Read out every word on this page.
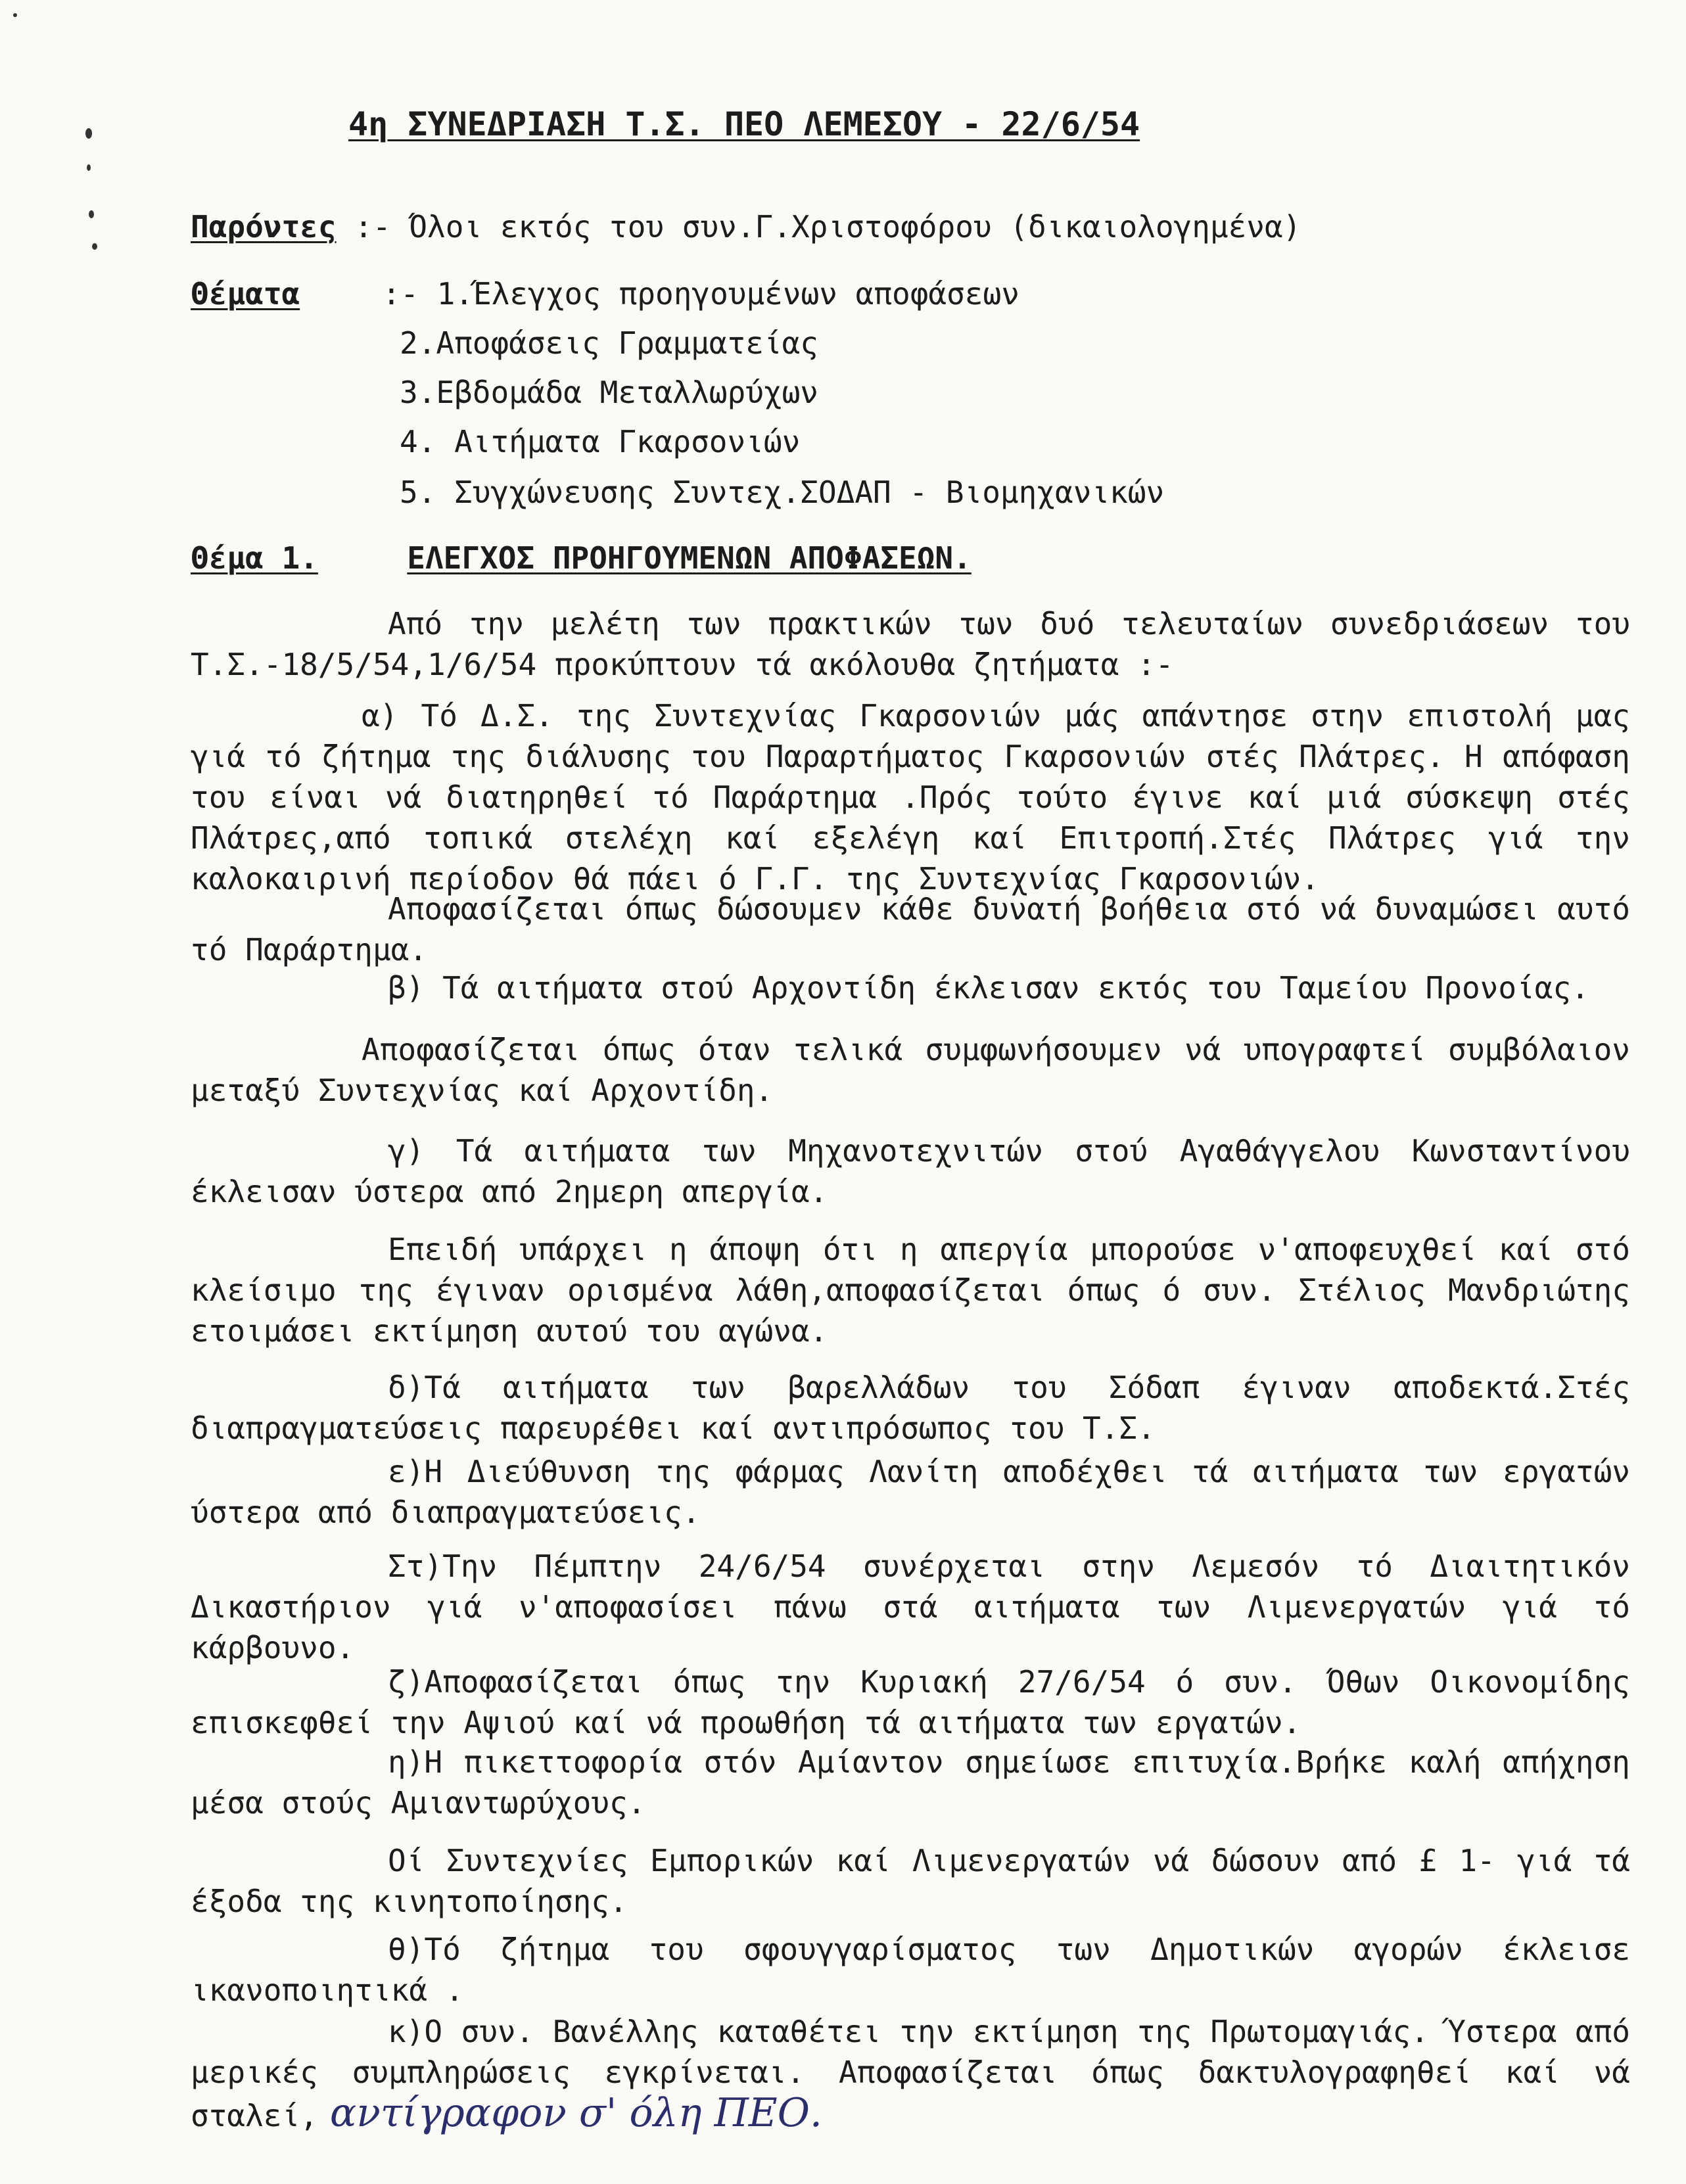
4η ΣΥΝΕΔΡΙΑΣΗ Τ.Σ. ΠΕΟ ΛΕΜΕΣΟΥ - 22/6/54
Παρόντες :- Όλοι εκτός του συν.Γ.Χριστοφόρου (δικαιολογημένα)
Θέματα	:- 1.Έλεγχος προηγουμένων αποφάσεων
2.Αποφάσεις Γραμματείας
3.Εβδομάδα Μεταλλωρύχων
4. Αιτήματα Γκαρσονιών
5. Συγχώνευσης Συντεχ.ΣΟΔΑΠ - Βιομηχανικών
Θέμα 1.	ΕΛΕΓΧΟΣ ΠΡΟΗΓΟΥΜΕΝΩΝ ΑΠΟΦΑΣΕΩΝ.
Από την μελέτη των πρακτικών των δυό τελευταίων συνεδριάσεων του Τ.Σ.-18/5/54,1/6/54 προκύπτουν τά ακόλουθα ζητήματα :-
α) Τό Δ.Σ. της Συντεχνίας Γκαρσονιών μάς απάντησε στην επιστολή μας γιά τό ζήτημα της διάλυσης του Παραρτήματος Γκαρσονιών στές Πλάτρες. Η απόφαση του είναι νά διατηρηθεί τό Παράρτημα .Πρός τούτο έγινε καί μιά σύσκεψη στές Πλάτρες,από τοπικά στελέχη καί εξελέγη καί Επιτροπή.Στές Πλάτρες γιά την καλοκαιρινή περίοδον θά πάει ό Γ.Γ. της Συντεχνίας Γκαρσονιών.
Αποφασίζεται όπως δώσουμεν κάθε δυνατή βοήθεια στό νά δυναμώσει αυτό τό Παράρτημα.
β) Τά αιτήματα στού Αρχοντίδη έκλεισαν εκτός του Ταμείου Προνοίας.
Αποφασίζεται όπως όταν τελικά συμφωνήσουμεν νά υπογραφτεί συμβόλαιον μεταξύ Συντεχνίας καί Αρχοντίδη.
γ) Τά αιτήματα των Μηχανοτεχνιτών στού Αγαθάγγελου Κωνσταντίνου έκλεισαν ύστερα από 2ημερη απεργία.
Επειδή υπάρχει η άποψη ότι η απεργία μπορούσε ν'αποφευχθεί καί στό κλείσιμο της έγιναν ορισμένα λάθη,αποφασίζεται όπως ό συν. Στέλιος Μανδριώτης ετοιμάσει εκτίμηση αυτού του αγώνα.
δ)Τά αιτήματα των βαρελλάδων του Σόδαπ έγιναν αποδεκτά.Στές διαπραγματεύσεις παρευρέθει καί αντιπρόσωπος του Τ.Σ.
ε)Η Διεύθυνση της φάρμας Λανίτη αποδέχθει τά αιτήματα των εργατών ύστερα από διαπραγματεύσεις.
Στ)Την Πέμπτην 24/6/54 συνέρχεται στην Λεμεσόν τό Διαιτητικόν Δικαστήριον γιά ν'αποφασίσει πάνω στά αιτήματα των Λιμενεργατών γιά τό κάρβουνο.
ζ)Αποφασίζεται όπως την Κυριακή 27/6/54 ό συν. Όθων Οικονομίδης επισκεφθεί την Αψιού καί νά προωθήση τά αιτήματα των εργατών.
η)Η πικεττοφορία στόν Αμίαντον σημείωσε επιτυχία.Βρήκε καλή απήχηση μέσα στούς Αμιαντωρύχους.
Οί Συντεχνίες Εμπορικών καί Λιμενεργατών νά δώσουν από £ 1- γιά τά έξοδα της κινητοποίησης.
θ)Τό ζήτημα του σφουγγαρίσματος των Δημοτικών αγορών έκλεισε ικανοποιητικά .
κ)Ο συν. Βανέλλης καταθέτει την εκτίμηση της Πρωτομαγιάς. Ύστερα από μερικές συμπληρώσεις εγκρίνεται. Αποφασίζεται όπως δακτυλογραφηθεί καί νά σταλεί, αντίγραφον σ' όλη ΠΕΟ.
